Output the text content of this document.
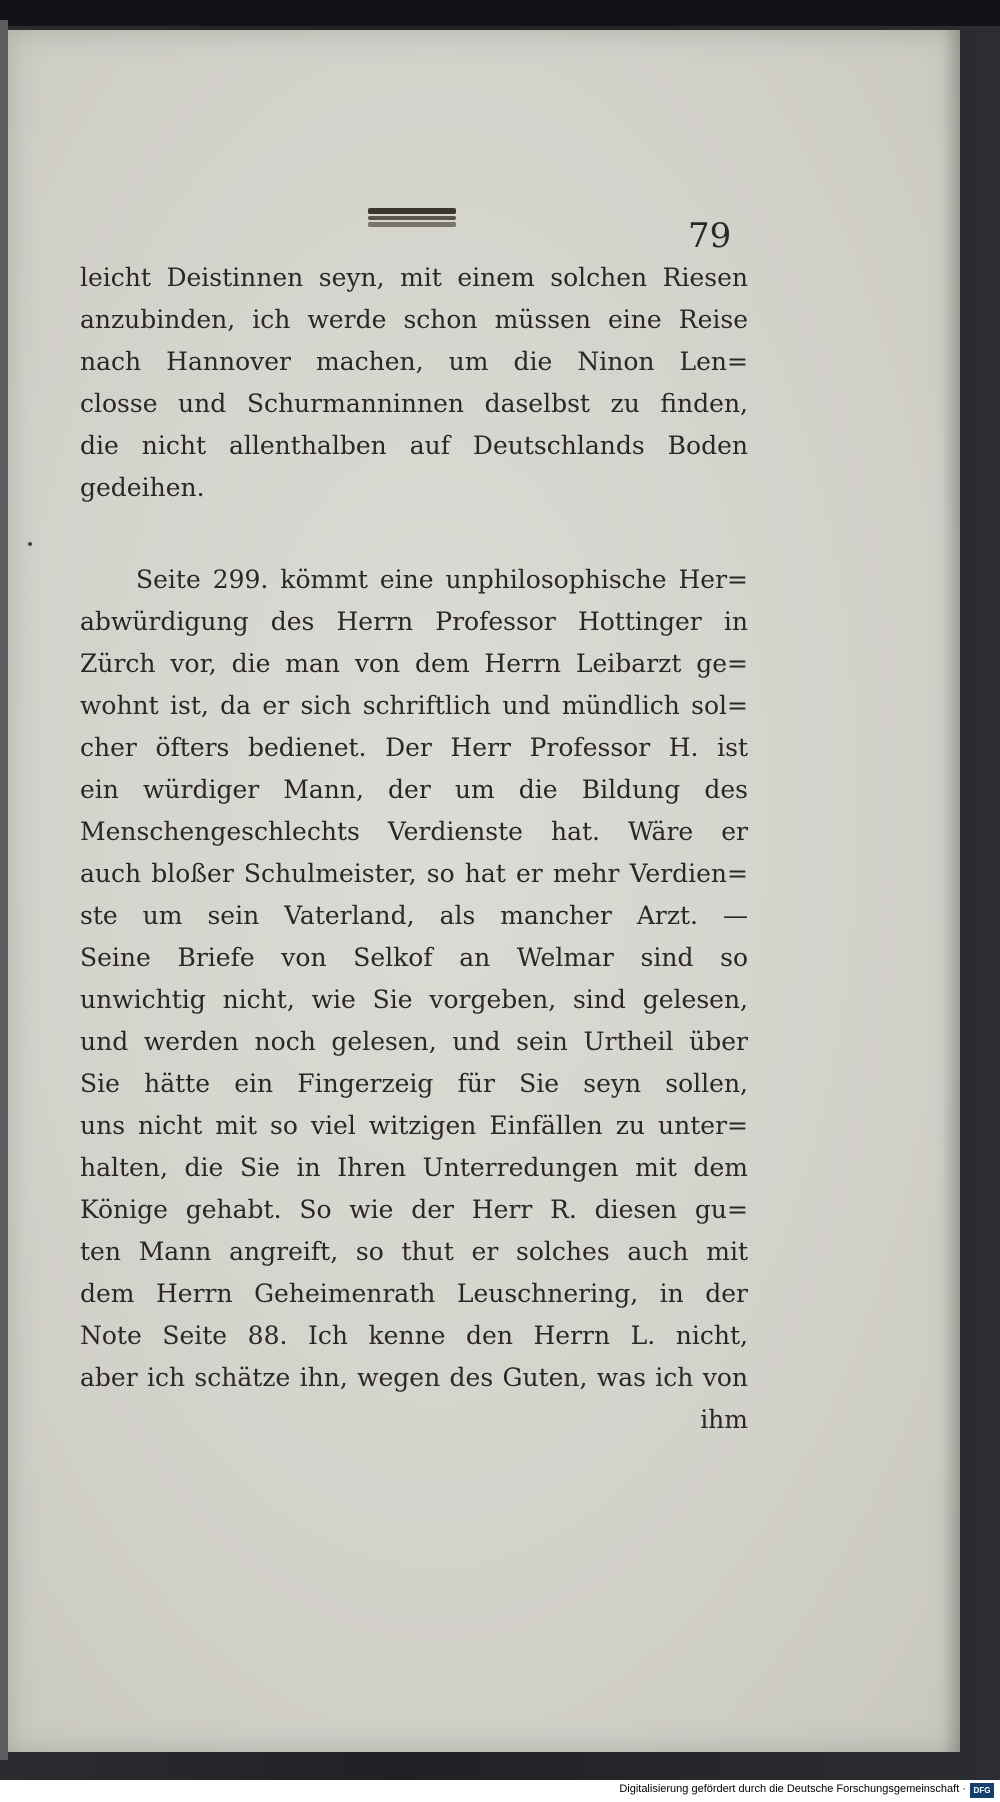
79

leicht Deistinnen seyn, mit einem solchen Riesen

anzubinden, ich werde schon müssen eine Reise

nach Hannover machen, um die Ninon Len=

closse und Schurmanninnen daselbst zu finden,

die nicht allenthalben auf Deutschlands Boden

gedeihen.

Seite 299. kömmt eine unphilosophische Her=

abwürdigung des Herrn Professor Hottinger in

Zürch vor, die man von dem Herrn Leibarzt ge=

wohnt ist, da er sich schriftlich und mündlich sol=

cher öfters bedienet. Der Herr Professor H. ist

ein würdiger Mann, der um die Bildung des

Menschengeschlechts Verdienste hat. Wäre er

auch bloßer Schulmeister, so hat er mehr Verdien=

ste um sein Vaterland, als mancher Arzt. —

Seine Briefe von Selkof an Welmar sind so

unwichtig nicht, wie Sie vorgeben, sind gelesen,

und werden noch gelesen, und sein Urtheil über

Sie hätte ein Fingerzeig für Sie seyn sollen,

uns nicht mit so viel witzigen Einfällen zu unter=

halten, die Sie in Ihren Unterredungen mit dem

Könige gehabt. So wie der Herr R. diesen gu=

ten Mann angreift, so thut er solches auch mit

dem Herrn Geheimenrath Leuschnering, in der

Note Seite 88. Ich kenne den Herrn L. nicht,

aber ich schätze ihn, wegen des Guten, was ich von

ihm

Digitalisierung gefördert durch die Deutsche Forschungsgemeinschaft · DFG
